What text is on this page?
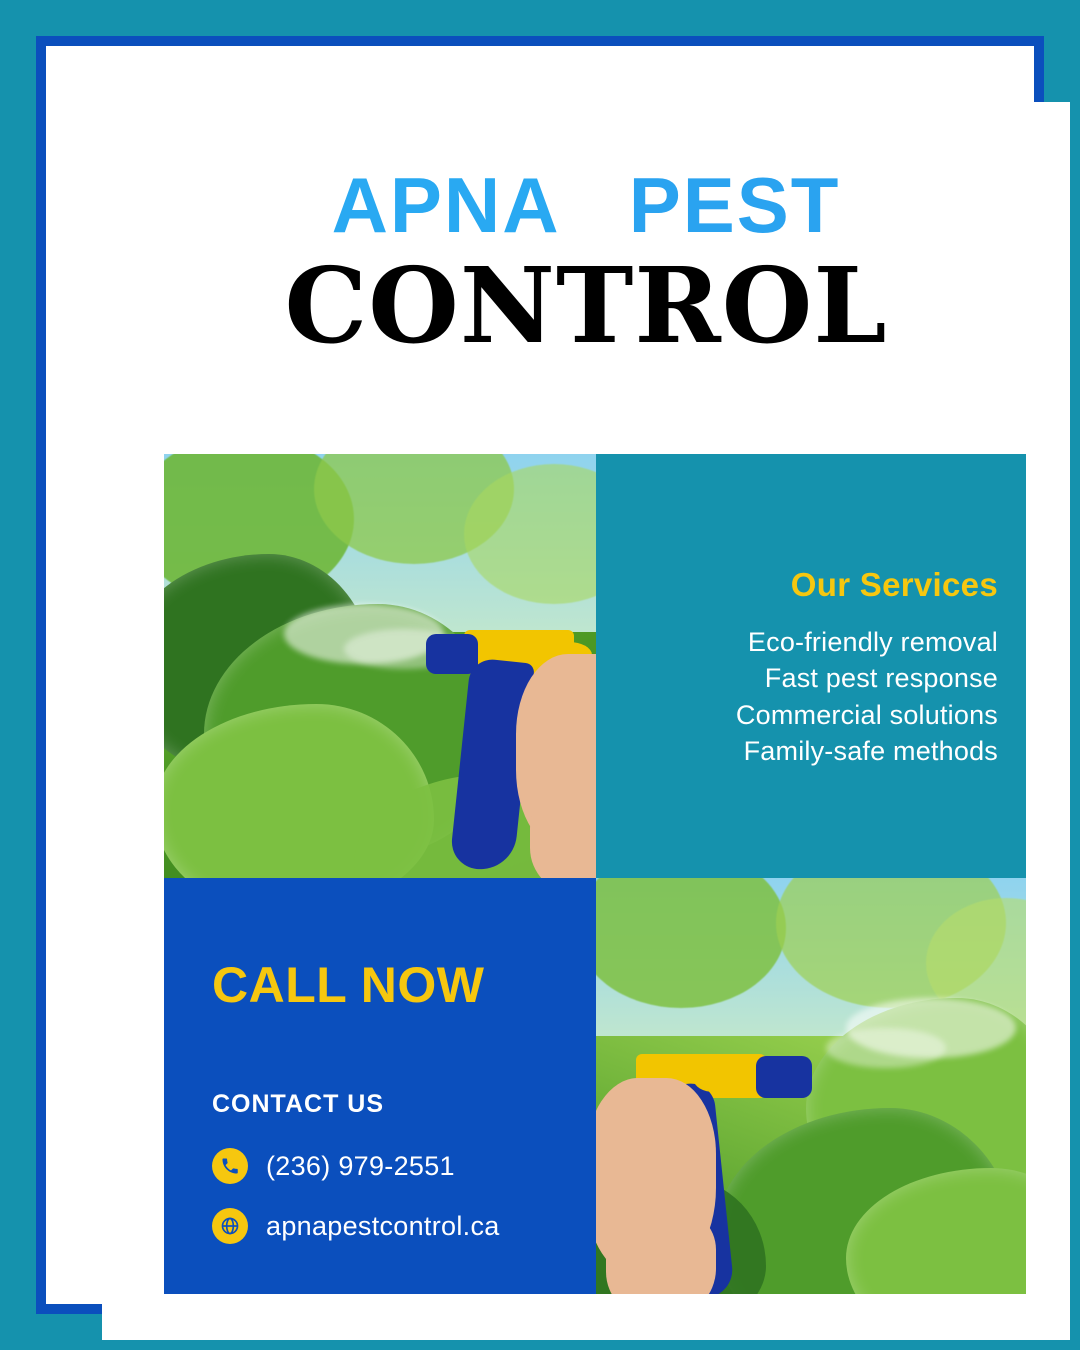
APNA PEST
CONTROL
Our Services
Eco-friendly removal
Fast pest response
Commercial solutions
Family-safe methods
CALL NOW
CONTACT US
(236) 979-2551
apnapestcontrol.ca
